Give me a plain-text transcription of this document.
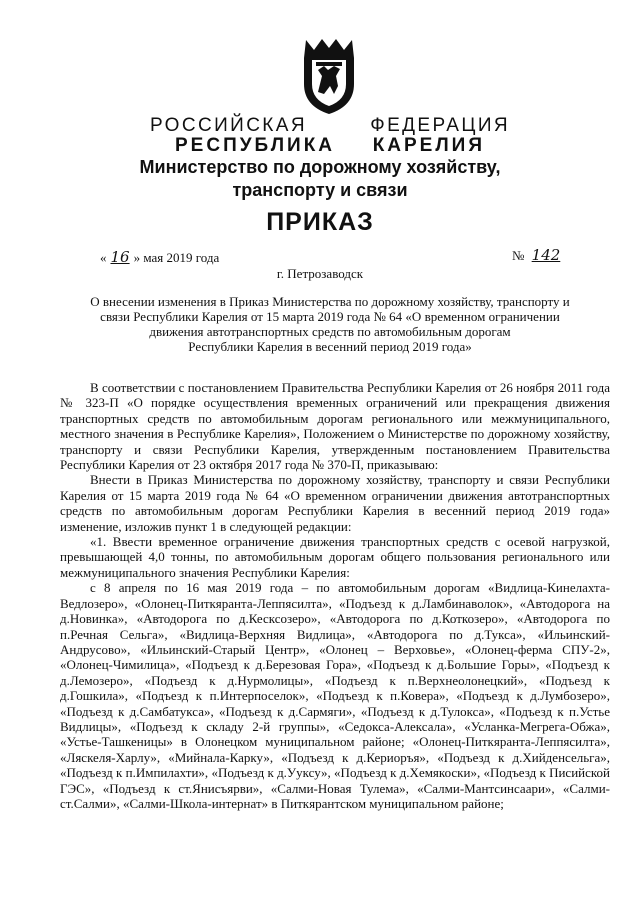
РОССИЙСКАЯ	ФЕДЕРАЦИЯ
РЕСПУБЛИКА КАРЕЛИЯ
Министерство по дорожному хозяйству,
транспорту и связи
ПРИКАЗ
« 16 » мая 2019 года	№ 142
г. Петрозаводск
О внесении изменения в Приказ Министерства по дорожному хозяйству, транспорту и
связи Республики Карелия от 15 марта 2019 года № 64 «О временном ограничении
движения автотранспортных средств по автомобильным дорогам
Республики Карелия в весенний период 2019 года»

В соответствии с постановлением Правительства Республики Карелия от 26 ноября 2011 года № 323-П «О порядке осуществления временных ограничений или прекращения движения транспортных средств по автомобильным дорогам регионального или межмуниципального, местного значения в Республике Карелия», Положением о Министерстве по дорожному хозяйству, транспорту и связи Республики Карелия, утвержденным постановлением Правительства Республики Карелия от 23 октября 2017 года № 370-П, приказываю:

Внести в Приказ Министерства по дорожному хозяйству, транспорту и связи Республики Карелия от 15 марта 2019 года № 64 «О временном ограничении движения автотранспортных средств по автомобильным дорогам Республики Карелия в весенний период 2019 года» изменение, изложив пункт 1 в следующей редакции:

«1. Ввести временное ограничение движения транспортных средств с осевой нагрузкой, превышающей 4,0 тонны, по автомобильным дорогам общего пользования регионального или межмуниципального значения Республики Карелия:

с 8 апреля по 16 мая 2019 года – по автомобильным дорогам «Видлица-Кинелахта-Ведлозеро», «Олонец-Питкяранта-Леппясилта», «Подъезд к д.Ламбинаволок», «Автодорога на д.Новинка», «Автодорога по д.Кесксозеро», «Автодорога по д.Коткозеро», «Автодорога по п.Речная Сельга», «Видлица-Верхняя Видлица», «Автодорога по д.Тукса», «Ильинский-Андрусово», «Ильинский-Старый Центр», «Олонец – Верховье», «Олонец-ферма СПУ-2», «Олонец-Чимилица», «Подъезд к д.Березовая Гора», «Подъезд к д.Большие Горы», «Подъезд к д.Лемозеро», «Подъезд к д.Нурмолицы», «Подъезд к п.Верхнеолонецкий», «Подъезд к д.Гошкила», «Подъезд к п.Интерпоселок», «Подъезд к п.Ковера», «Подъезд к д.Лумбозеро», «Подъезд к д.Самбатукса», «Подъезд к д.Сармяги», «Подъезд к д.Тулокса», «Подъезд к п.Устье Видлицы», «Подъезд к складу 2-й группы», «Седокса-Алексала», «Усланка-Мегрега-Обжа», «Устье-Ташкеницы» в Олонецком муниципальном районе; «Олонец-Питкяранта-Леппясилта», «Ляскеля-Харлу», «Мийнала-Карку», «Подъезд к д.Кериоръя», «Подъезд к д.Хийденсельга», «Подъезд к п.Импилахти», «Подъезд к д.Ууксу», «Подъезд к д.Хемякоски», «Подъезд к Писийской ГЭС», «Подъезд к ст.Янисъярви», «Салми-Новая Тулема», «Салми-Мантсинсаари», «Салми-ст.Салми», «Салми-Школа-интернат» в Питкярантском муниципальном районе;
